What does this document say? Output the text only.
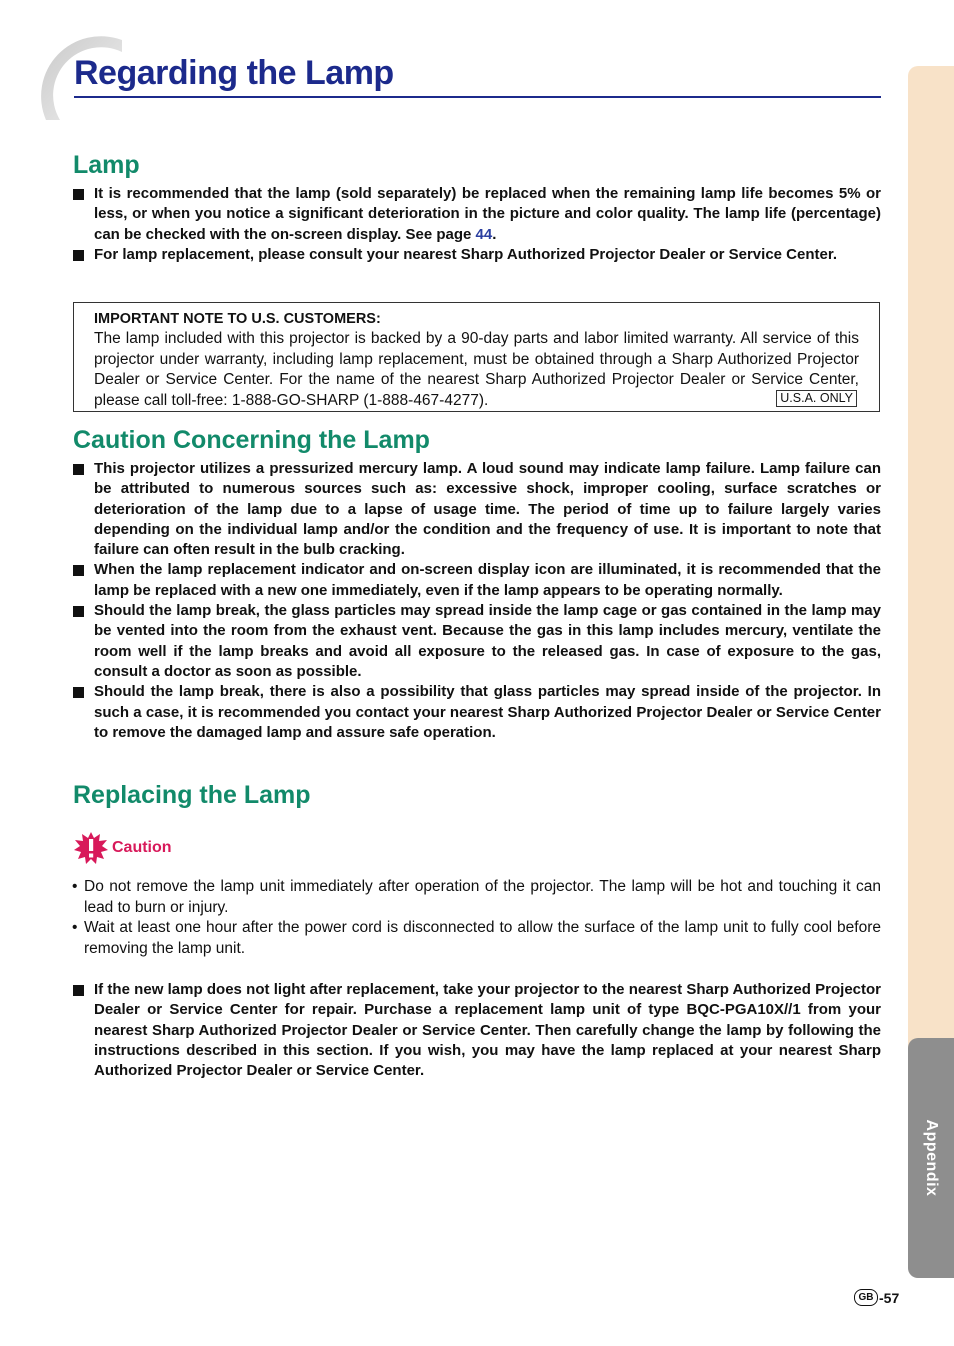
Regarding the Lamp
Appendix
Lamp
It is recommended that the lamp (sold separately) be replaced when the remaining lamp life becomes 5% or less, or when you notice a significant deterioration in the picture and color quality. The lamp life (percentage) can be checked with the on-screen display. See page 44.
For lamp replacement, please consult your nearest Sharp Authorized Projector Dealer or Service Center.
IMPORTANT NOTE TO U.S. CUSTOMERS:
The lamp included with this projector is backed by a 90-day parts and labor limited warranty. All service of this projector under warranty, including lamp replacement, must be obtained through a Sharp Authorized Projector Dealer or Service Center. For the name of the nearest Sharp Authorized Projector Dealer or Service Center, please call toll-free: 1-888-GO-SHARP (1-888-467-4277).	U.S.A. ONLY
Caution Concerning the Lamp
This projector utilizes a pressurized mercury lamp. A loud sound may indicate lamp failure. Lamp failure can be attributed to numerous sources such as: excessive shock, improper cooling, surface scratches or deterioration of the lamp due to a lapse of usage time. The period of time up to failure largely varies depending on the individual lamp and/or the condition and the frequency of use. It is important to note that failure can often result in the bulb cracking.
When the lamp replacement indicator and on-screen display icon are illuminated, it is recommended that the lamp be replaced with a new one immediately, even if the lamp appears to be operating normally.
Should the lamp break, the glass particles may spread inside the lamp cage or gas contained in the lamp may be vented into the room from the exhaust vent. Because the gas in this lamp includes mercury, ventilate the room well if the lamp breaks and avoid all exposure to the released gas. In case of exposure to the gas, consult a doctor as soon as possible.
Should the lamp break, there is also a possibility that glass particles may spread inside of the projector. In such a case, it is recommended you contact your nearest Sharp Authorized Projector Dealer or Service Center to remove the damaged lamp and assure safe operation.
Replacing the Lamp
Caution
• Do not remove the lamp unit immediately after operation of the projector. The lamp will be hot and touching it can lead to burn or injury.
• Wait at least one hour after the power cord is disconnected to allow the surface of the lamp unit to fully cool before removing the lamp unit.
If the new lamp does not light after replacement, take your projector to the nearest Sharp Authorized Projector Dealer or Service Center for repair. Purchase a replacement lamp unit of type BQC-PGA10X//1 from your nearest Sharp Authorized Projector Dealer or Service Center. Then carefully change the lamp by following the instructions described in this section. If you wish, you may have the lamp replaced at your nearest Sharp Authorized Projector Dealer or Service Center.
GB -57
